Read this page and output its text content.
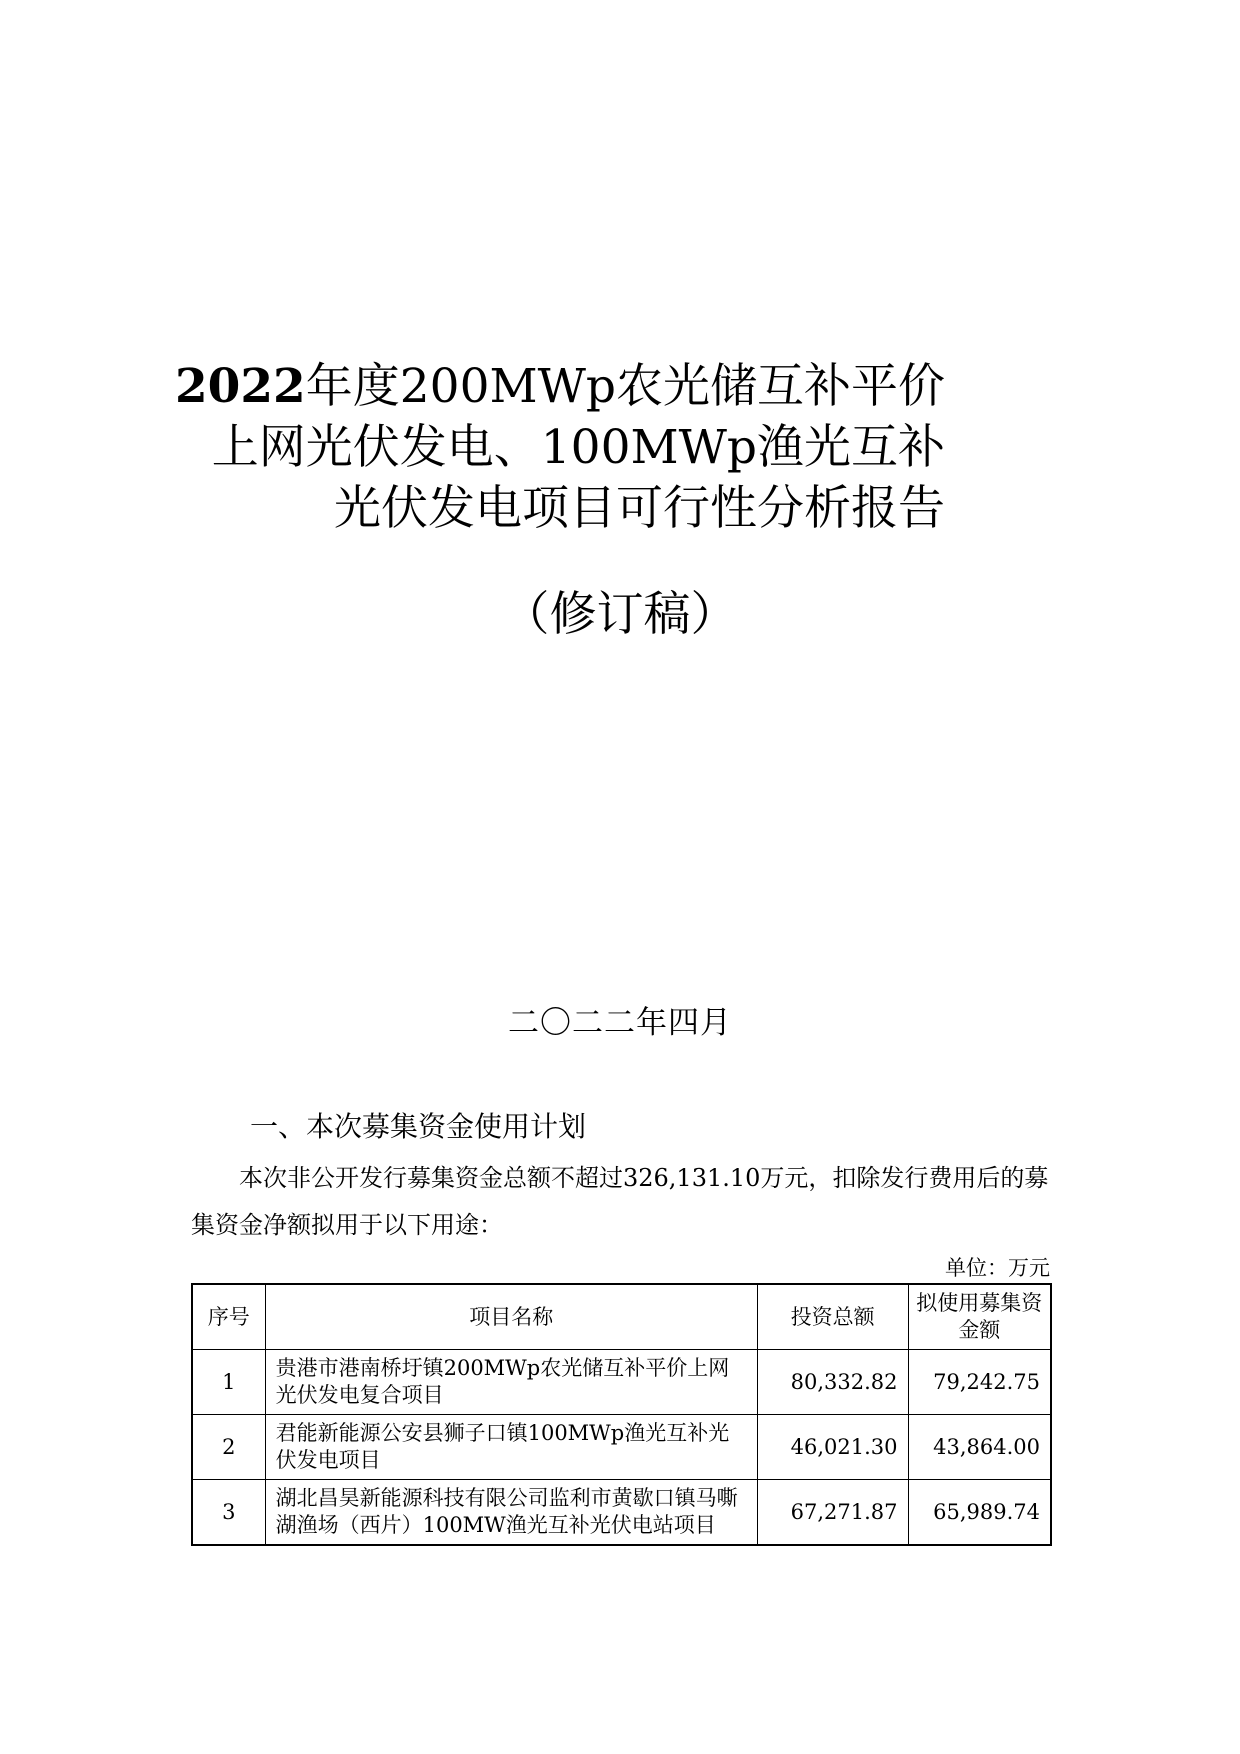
2022年度200MWp农光储互补平价
上网光伏发电、100MWp渔光互补
光伏发电项目可行性分析报告
（修订稿）
二〇二二年四月
一、本次募集资金使用计划
本次非公开发行募集资金总额不超过326,131.10万元，扣除发行费用后的募集资金净额拟用于以下用途：
单位：万元
序号	项目名称	投资总额	拟使用募集资金额
1	贵港市港南桥圩镇200MWp农光储互补平价上网光伏发电复合项目	80,332.82	79,242.75
2	君能新能源公安县狮子口镇100MWp渔光互补光伏发电项目	46,021.30	43,864.00
3	湖北昌昊新能源科技有限公司监利市黄歇口镇马嘶湖渔场（西片）100MW渔光互补光伏电站项目	67,271.87	65,989.74
